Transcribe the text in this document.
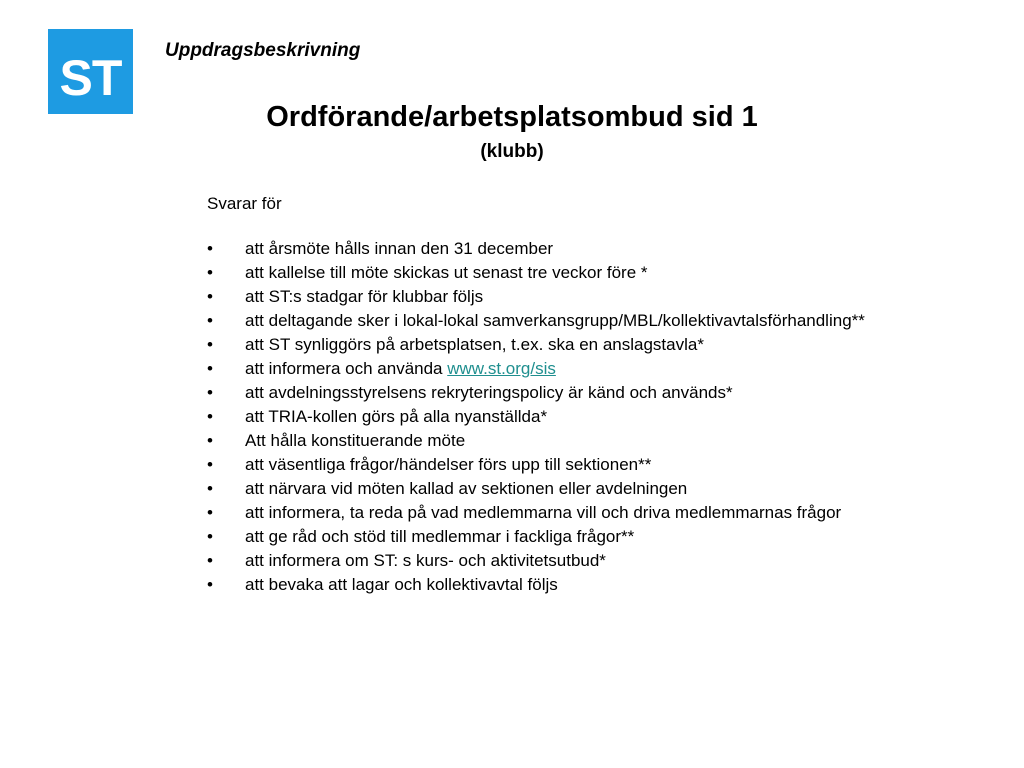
ST Uppdragsbeskrivning
Ordförande/arbetsplatsombud sid 1
(klubb)
Svarar för
• att årsmöte hålls innan den 31 december
• att kallelse till möte skickas ut senast tre veckor före *
• att ST:s stadgar för klubbar följs
• att deltagande sker i lokal-lokal samverkansgrupp/MBL/kollektivavtalsförhandling**
• att ST synliggörs på arbetsplatsen, t.ex. ska en anslagstavla*
• att informera och använda www.st.org/sis
• att avdelningsstyrelsens rekryteringspolicy är känd och används*
• att TRIA-kollen görs på alla nyanställda*
• Att hålla konstituerande möte
• att väsentliga frågor/händelser förs upp till sektionen**
• att närvara vid möten kallad av sektionen eller avdelningen
• att informera, ta reda på vad medlemmarna vill och driva medlemmarnas frågor
• att ge råd och stöd till medlemmar i fackliga frågor**
• att informera om ST: s kurs- och aktivitetsutbud*
• att bevaka att lagar och kollektivavtal följs
